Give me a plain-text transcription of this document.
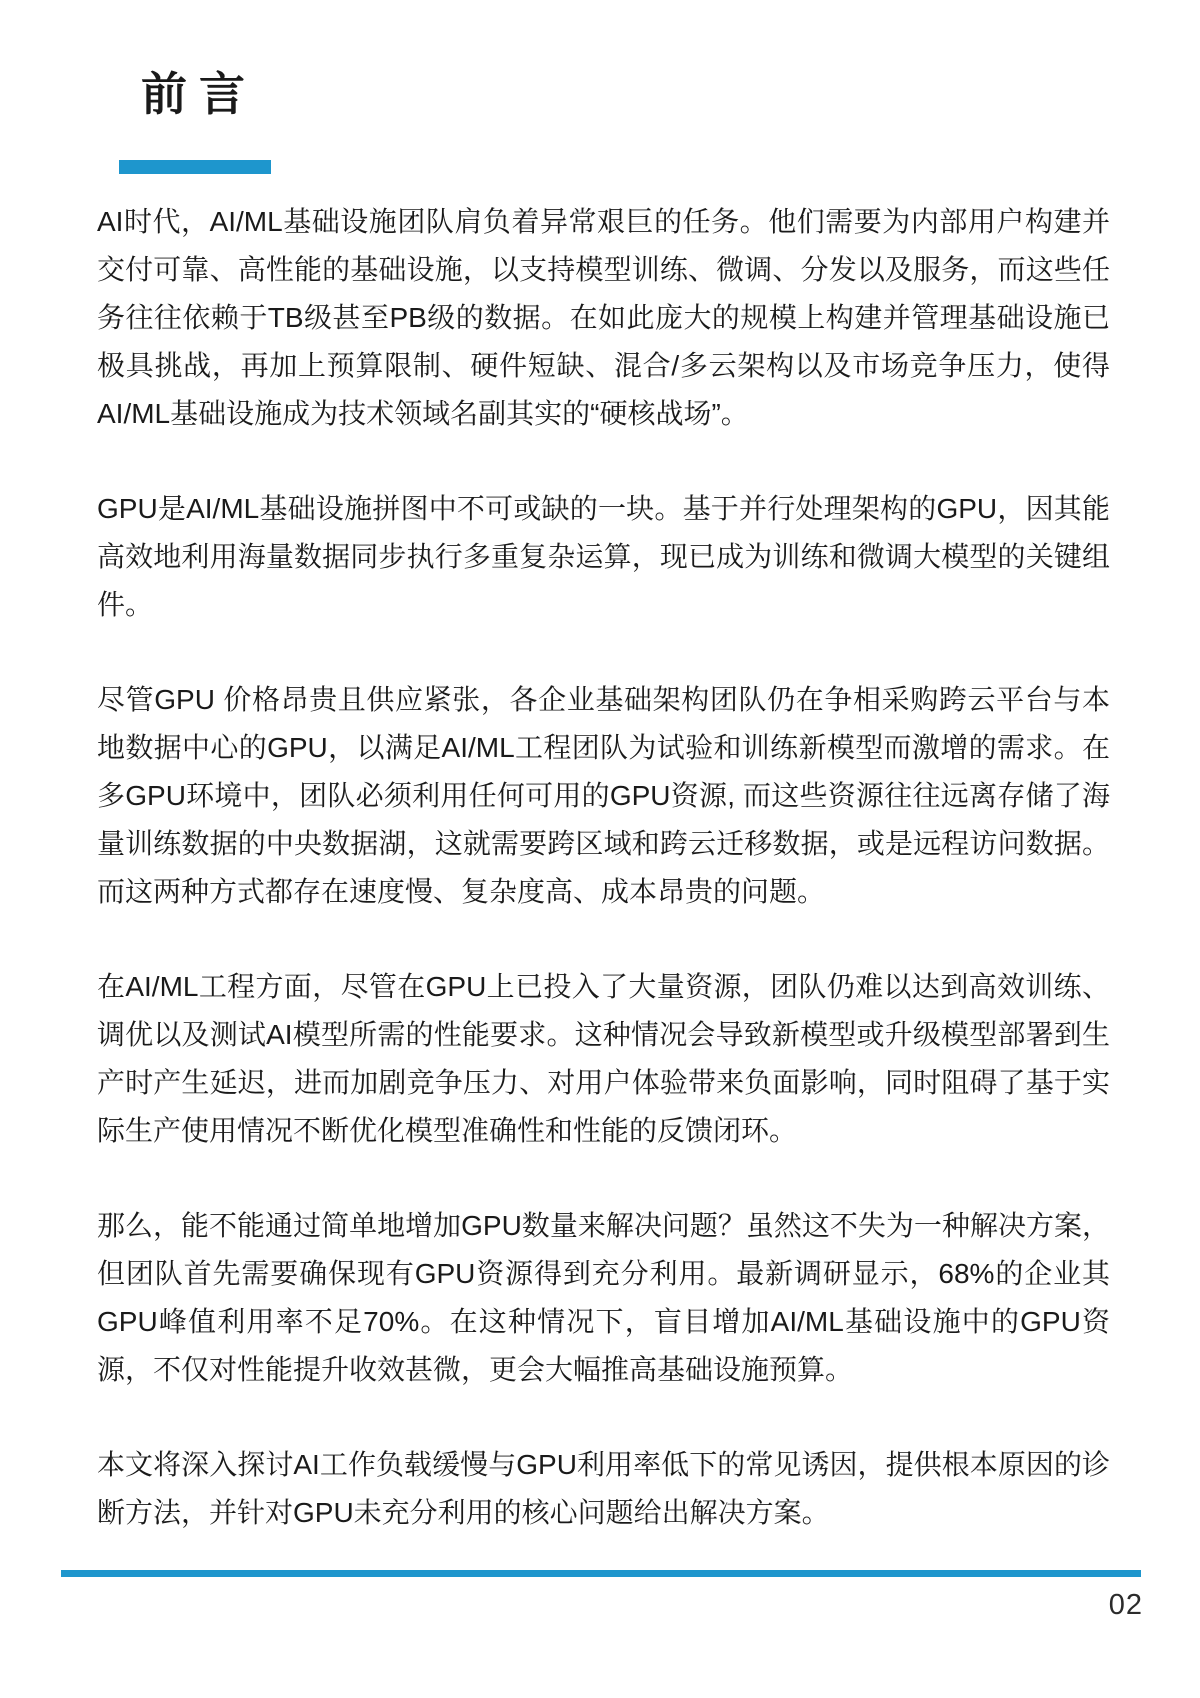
前言

AI时代，AI/ML基础设施团队肩负着异常艰巨的任务。他们需要为内部用户构建并交付可靠、高性能的基础设施，以支持模型训练、微调、分发以及服务，而这些任务往往依赖于TB级甚至PB级的数据。在如此庞大的规模上构建并管理基础设施已极具挑战，再加上预算限制、硬件短缺、混合/多云架构以及市场竞争压力，使得AI/ML基础设施成为技术领域名副其实的“硬核战场”。

GPU是AI/ML基础设施拼图中不可或缺的一块。基于并行处理架构的GPU，因其能高效地利用海量数据同步执行多重复杂运算，现已成为训练和微调大模型的关键组件。

尽管GPU 价格昂贵且供应紧张，各企业基础架构团队仍在争相采购跨云平台与本地数据中心的GPU，以满足AI/ML工程团队为试验和训练新模型而激增的需求。在多GPU环境中，团队必须利用任何可用的GPU资源, 而这些资源往往远离存储了海量训练数据的中央数据湖，这就需要跨区域和跨云迁移数据，或是远程访问数据。而这两种方式都存在速度慢、复杂度高、成本昂贵的问题。

在AI/ML工程方面，尽管在GPU上已投入了大量资源，团队仍难以达到高效训练、调优以及测试AI模型所需的性能要求。这种情况会导致新模型或升级模型部署到生产时产生延迟，进而加剧竞争压力、对用户体验带来负面影响，同时阻碍了基于实际生产使用情况不断优化模型准确性和性能的反馈闭环。

那么，能不能通过简单地增加GPU数量来解决问题？虽然这不失为一种解决方案，但团队首先需要确保现有GPU资源得到充分利用。最新调研显示，68%的企业其GPU峰值利用率不足70%。在这种情况下，盲目增加AI/ML基础设施中的GPU资源，不仅对性能提升收效甚微，更会大幅推高基础设施预算。

本文将深入探讨AI工作负载缓慢与GPU利用率低下的常见诱因，提供根本原因的诊断方法，并针对GPU未充分利用的核心问题给出解决方案。

02
